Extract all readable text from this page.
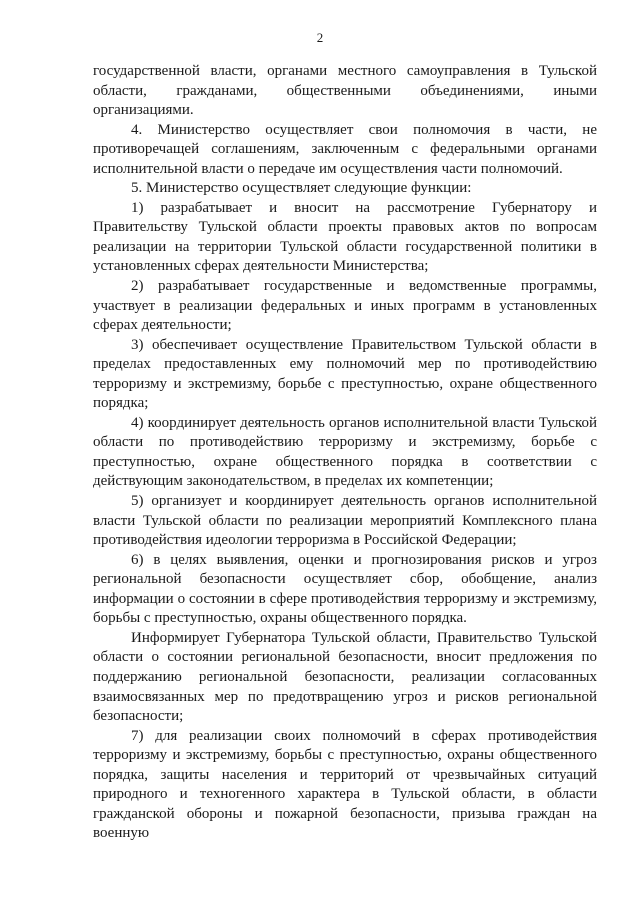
2

государственной власти, органами местного самоуправления в Тульской области, гражданами, общественными объединениями, иными организациями.

4. Министерство осуществляет свои полномочия в части, не противоречащей соглашениям, заключенным с федеральными органами исполнительной власти о передаче им осуществления части полномочий.

5. Министерство осуществляет следующие функции:

1) разрабатывает и вносит на рассмотрение Губернатору и Правительству Тульской области проекты правовых актов по вопросам реализации на территории Тульской области государственной политики в установленных сферах деятельности Министерства;

2) разрабатывает государственные и ведомственные программы, участвует в реализации федеральных и иных программ в установленных сферах деятельности;

3) обеспечивает осуществление Правительством Тульской области в пределах предоставленных ему полномочий мер по противодействию терроризму и экстремизму, борьбе с преступностью, охране общественного порядка;

4) координирует деятельность органов исполнительной власти Тульской области по противодействию терроризму и экстремизму, борьбе с преступностью, охране общественного порядка в соответствии с действующим законодательством, в пределах их компетенции;

5) организует и координирует деятельность органов исполнительной власти Тульской области по реализации мероприятий Комплексного плана противодействия идеологии терроризма в Российской Федерации;

6) в целях выявления, оценки и прогнозирования рисков и угроз региональной безопасности осуществляет сбор, обобщение, анализ информации о состоянии в сфере противодействия терроризму и экстремизму, борьбы с преступностью, охраны общественного порядка.

Информирует Губернатора Тульской области, Правительство Тульской области о состоянии региональной безопасности, вносит предложения по поддержанию региональной безопасности, реализации согласованных взаимосвязанных мер по предотвращению угроз и рисков региональной безопасности;

7) для реализации своих полномочий в сферах противодействия терроризму и экстремизму, борьбы с преступностью, охраны общественного порядка, защиты населения и территорий от чрезвычайных ситуаций природного и техногенного характера в Тульской области, в области гражданской обороны и пожарной безопасности, призыва граждан на военную
